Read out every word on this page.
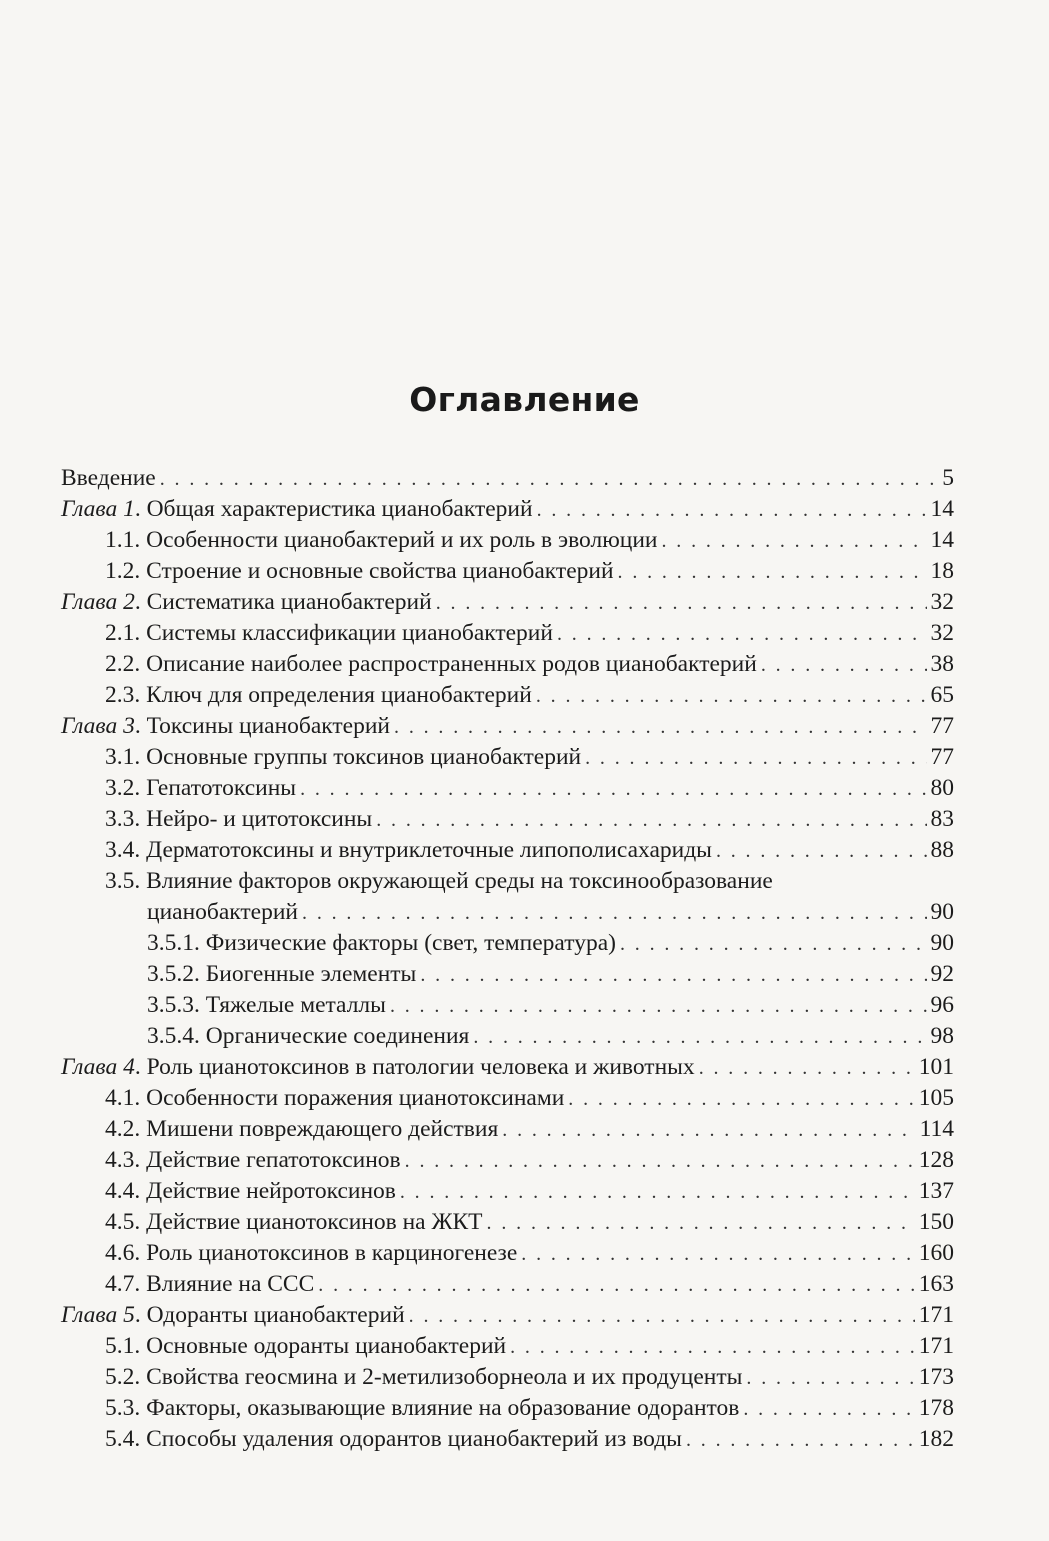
Оглавление
Введение . . .	5
Глава 1. Общая характеристика цианобактерий . . .	14
1.1. Особенности цианобактерий и их роль в эволюции . . .	14
1.2. Строение и основные свойства цианобактерий . . .	18
Глава 2. Систематика цианобактерий . . .	32
2.1. Системы классификации цианобактерий . . .	32
2.2. Описание наиболее распространенных родов цианобактерий . . .	38
2.3. Ключ для определения цианобактерий . . .	65
Глава 3. Токсины цианобактерий . . .	77
3.1. Основные группы токсинов цианобактерий . . .	77
3.2. Гепатотоксины . . .	80
3.3. Нейро- и цитотоксины . . .	83
3.4. Дерматотоксины и внутриклеточные липополисахариды . . .	88
3.5. Влияние факторов окружающей среды на токсинообразование
цианобактерий . . .	90
3.5.1. Физические факторы (свет, температура) . . .	90
3.5.2. Биогенные элементы . . .	92
3.5.3. Тяжелые металлы . . .	96
3.5.4. Органические соединения . . .	98
Глава 4. Роль цианотоксинов в патологии человека и животных . . .	101
4.1. Особенности поражения цианотоксинами . . .	105
4.2. Мишени повреждающего действия . . .	114
4.3. Действие гепатотоксинов . . .	128
4.4. Действие нейротоксинов . . .	137
4.5. Действие цианотоксинов на ЖКТ . . .	150
4.6. Роль цианотоксинов в карциногенезе . . .	160
4.7. Влияние на ССС . . .	163
Глава 5. Одоранты цианобактерий . . .	171
5.1. Основные одоранты цианобактерий . . .	171
5.2. Свойства геосмина и 2-метилизоборнеола и их продуценты . . .	173
5.3. Факторы, оказывающие влияние на образование одорантов . . .	178
5.4. Способы удаления одорантов цианобактерий из воды . . .	182
